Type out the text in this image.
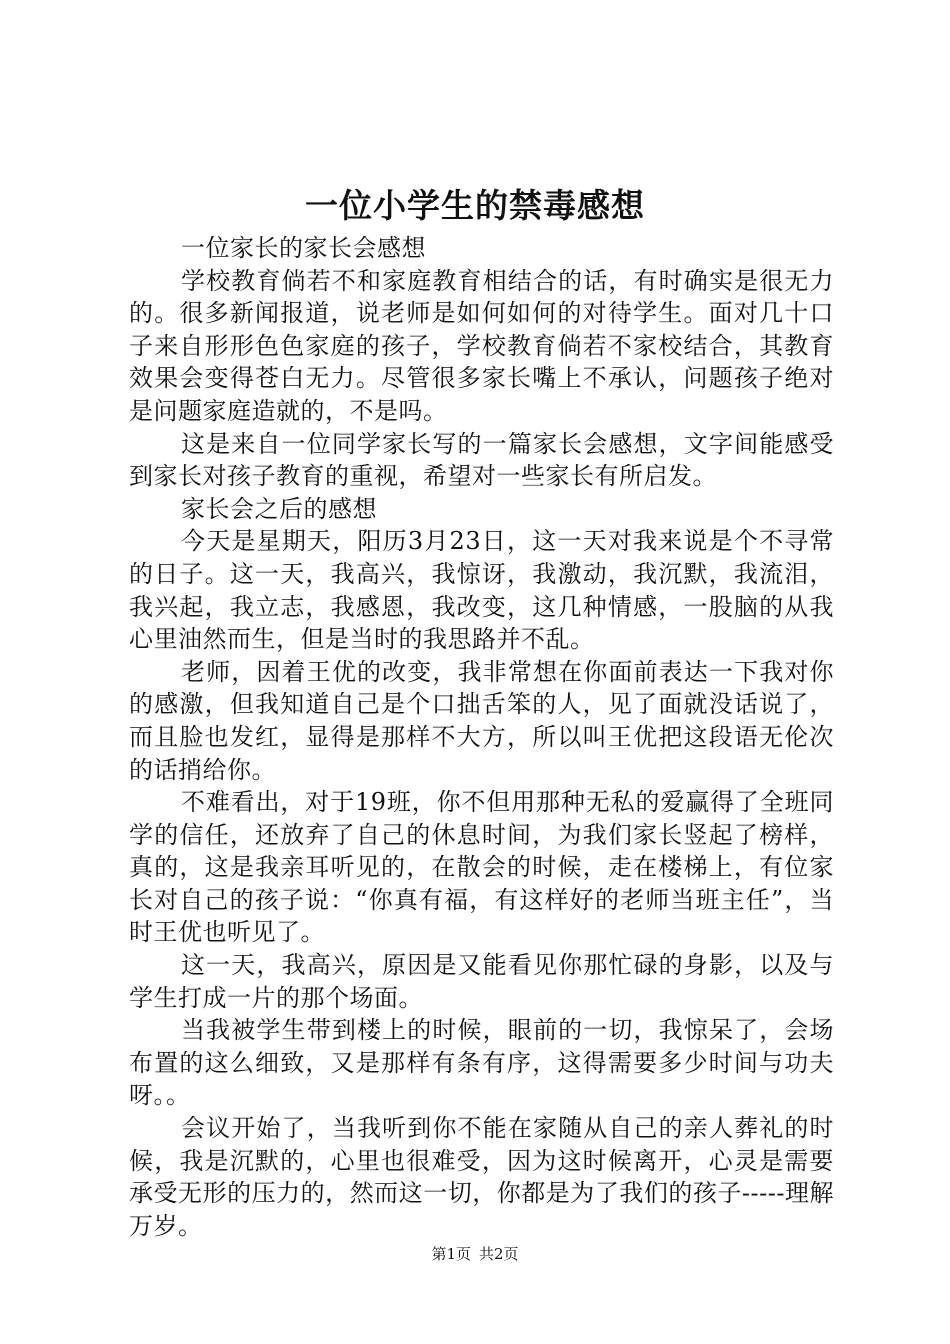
一位小学生的禁毒感想

一位家长的家长会感想

学校教育倘若不和家庭教育相结合的话，有时确实是很无力的。很多新闻报道，说老师是如何如何的对待学生。面对几十口子来自形形色色家庭的孩子，学校教育倘若不家校结合，其教育效果会变得苍白无力。尽管很多家长嘴上不承认，问题孩子绝对是问题家庭造就的，不是吗。

这是来自一位同学家长写的一篇家长会感想，文字间能感受到家长对孩子教育的重视，希望对一些家长有所启发。

家长会之后的感想

今天是星期天，阳历3月23日，这一天对我来说是个不寻常的日子。这一天，我高兴，我惊讶，我激动，我沉默，我流泪，我兴起，我立志，我感恩，我改变，这几种情感，一股脑的从我心里油然而生，但是当时的我思路并不乱。

老师，因着王优的改变，我非常想在你面前表达一下我对你的感激，但我知道自己是个口拙舌笨的人，见了面就没话说了，而且脸也发红，显得是那样不大方，所以叫王优把这段语无伦次的话捎给你。

不难看出，对于19班，你不但用那种无私的爱赢得了全班同学的信任，还放弃了自己的休息时间，为我们家长竖起了榜样，真的，这是我亲耳听见的，在散会的时候，走在楼梯上，有位家长对自己的孩子说：“你真有福，有这样好的老师当班主任”，当时王优也听见了。

这一天，我高兴，原因是又能看见你那忙碌的身影，以及与学生打成一片的那个场面。

当我被学生带到楼上的时候，眼前的一切，我惊呆了，会场布置的这么细致，又是那样有条有序，这得需要多少时间与功夫呀。。

会议开始了，当我听到你不能在家随从自己的亲人葬礼的时候，我是沉默的，心里也很难受，因为这时候离开，心灵是需要承受无形的压力的，然而这一切，你都是为了我们的孩子-----理解万岁。

第1页 共2页
